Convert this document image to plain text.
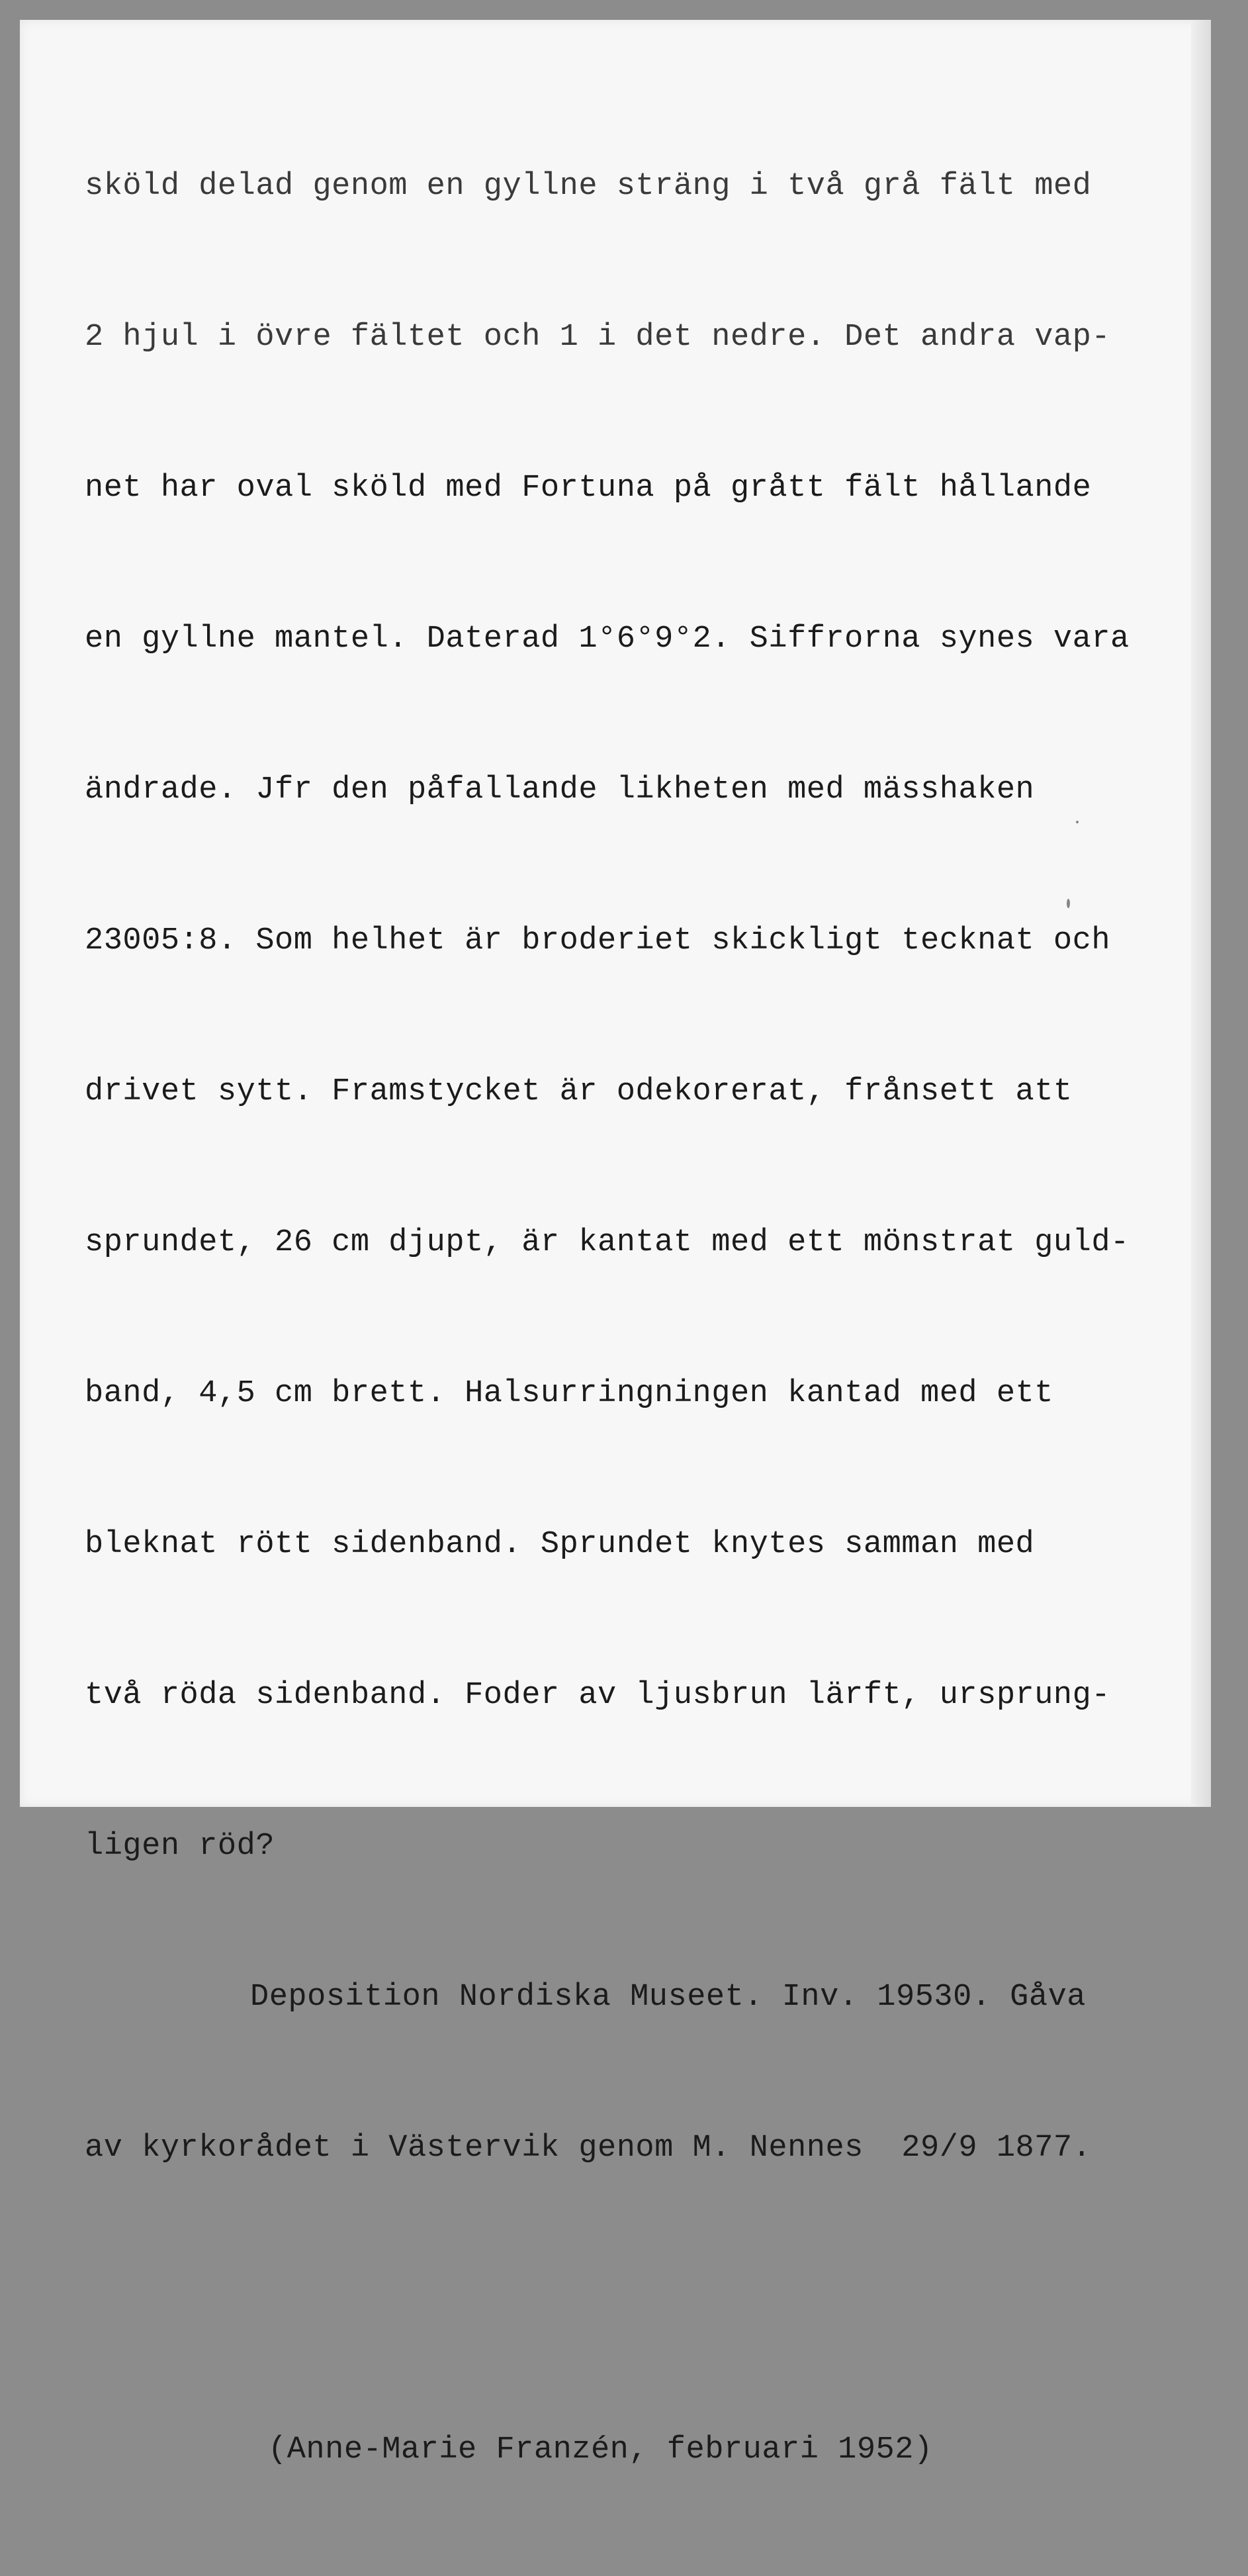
sköld delad genom en gyllne sträng i två grå fält med

2 hjul i övre fältet och 1 i det nedre. Det andra vap-

net har oval sköld med Fortuna på grått fält hållande

en gyllne mantel. Daterad 1°6°9°2. Siffrorna synes vara

ändrade. Jfr den påfallande likheten med mässhaken

23005:8. Som helhet är broderiet skickligt tecknat och

drivet sytt. Framstycket är odekorerat, frånsett att

sprundet, 26 cm djupt, är kantat med ett mönstrat guld-

band, 4,5 cm brett. Halsurringningen kantad med ett

bleknat rött sidenband. Sprundet knytes samman med

två röda sidenband. Foder av ljusbrun lärft, ursprung-

ligen röd?

Deposition Nordiska Museet. Inv. 19530. Gåva

av kyrkorådet i Västervik genom M. Nennes  29/9 1877.

(Anne-Marie Franzén, februari 1952)
